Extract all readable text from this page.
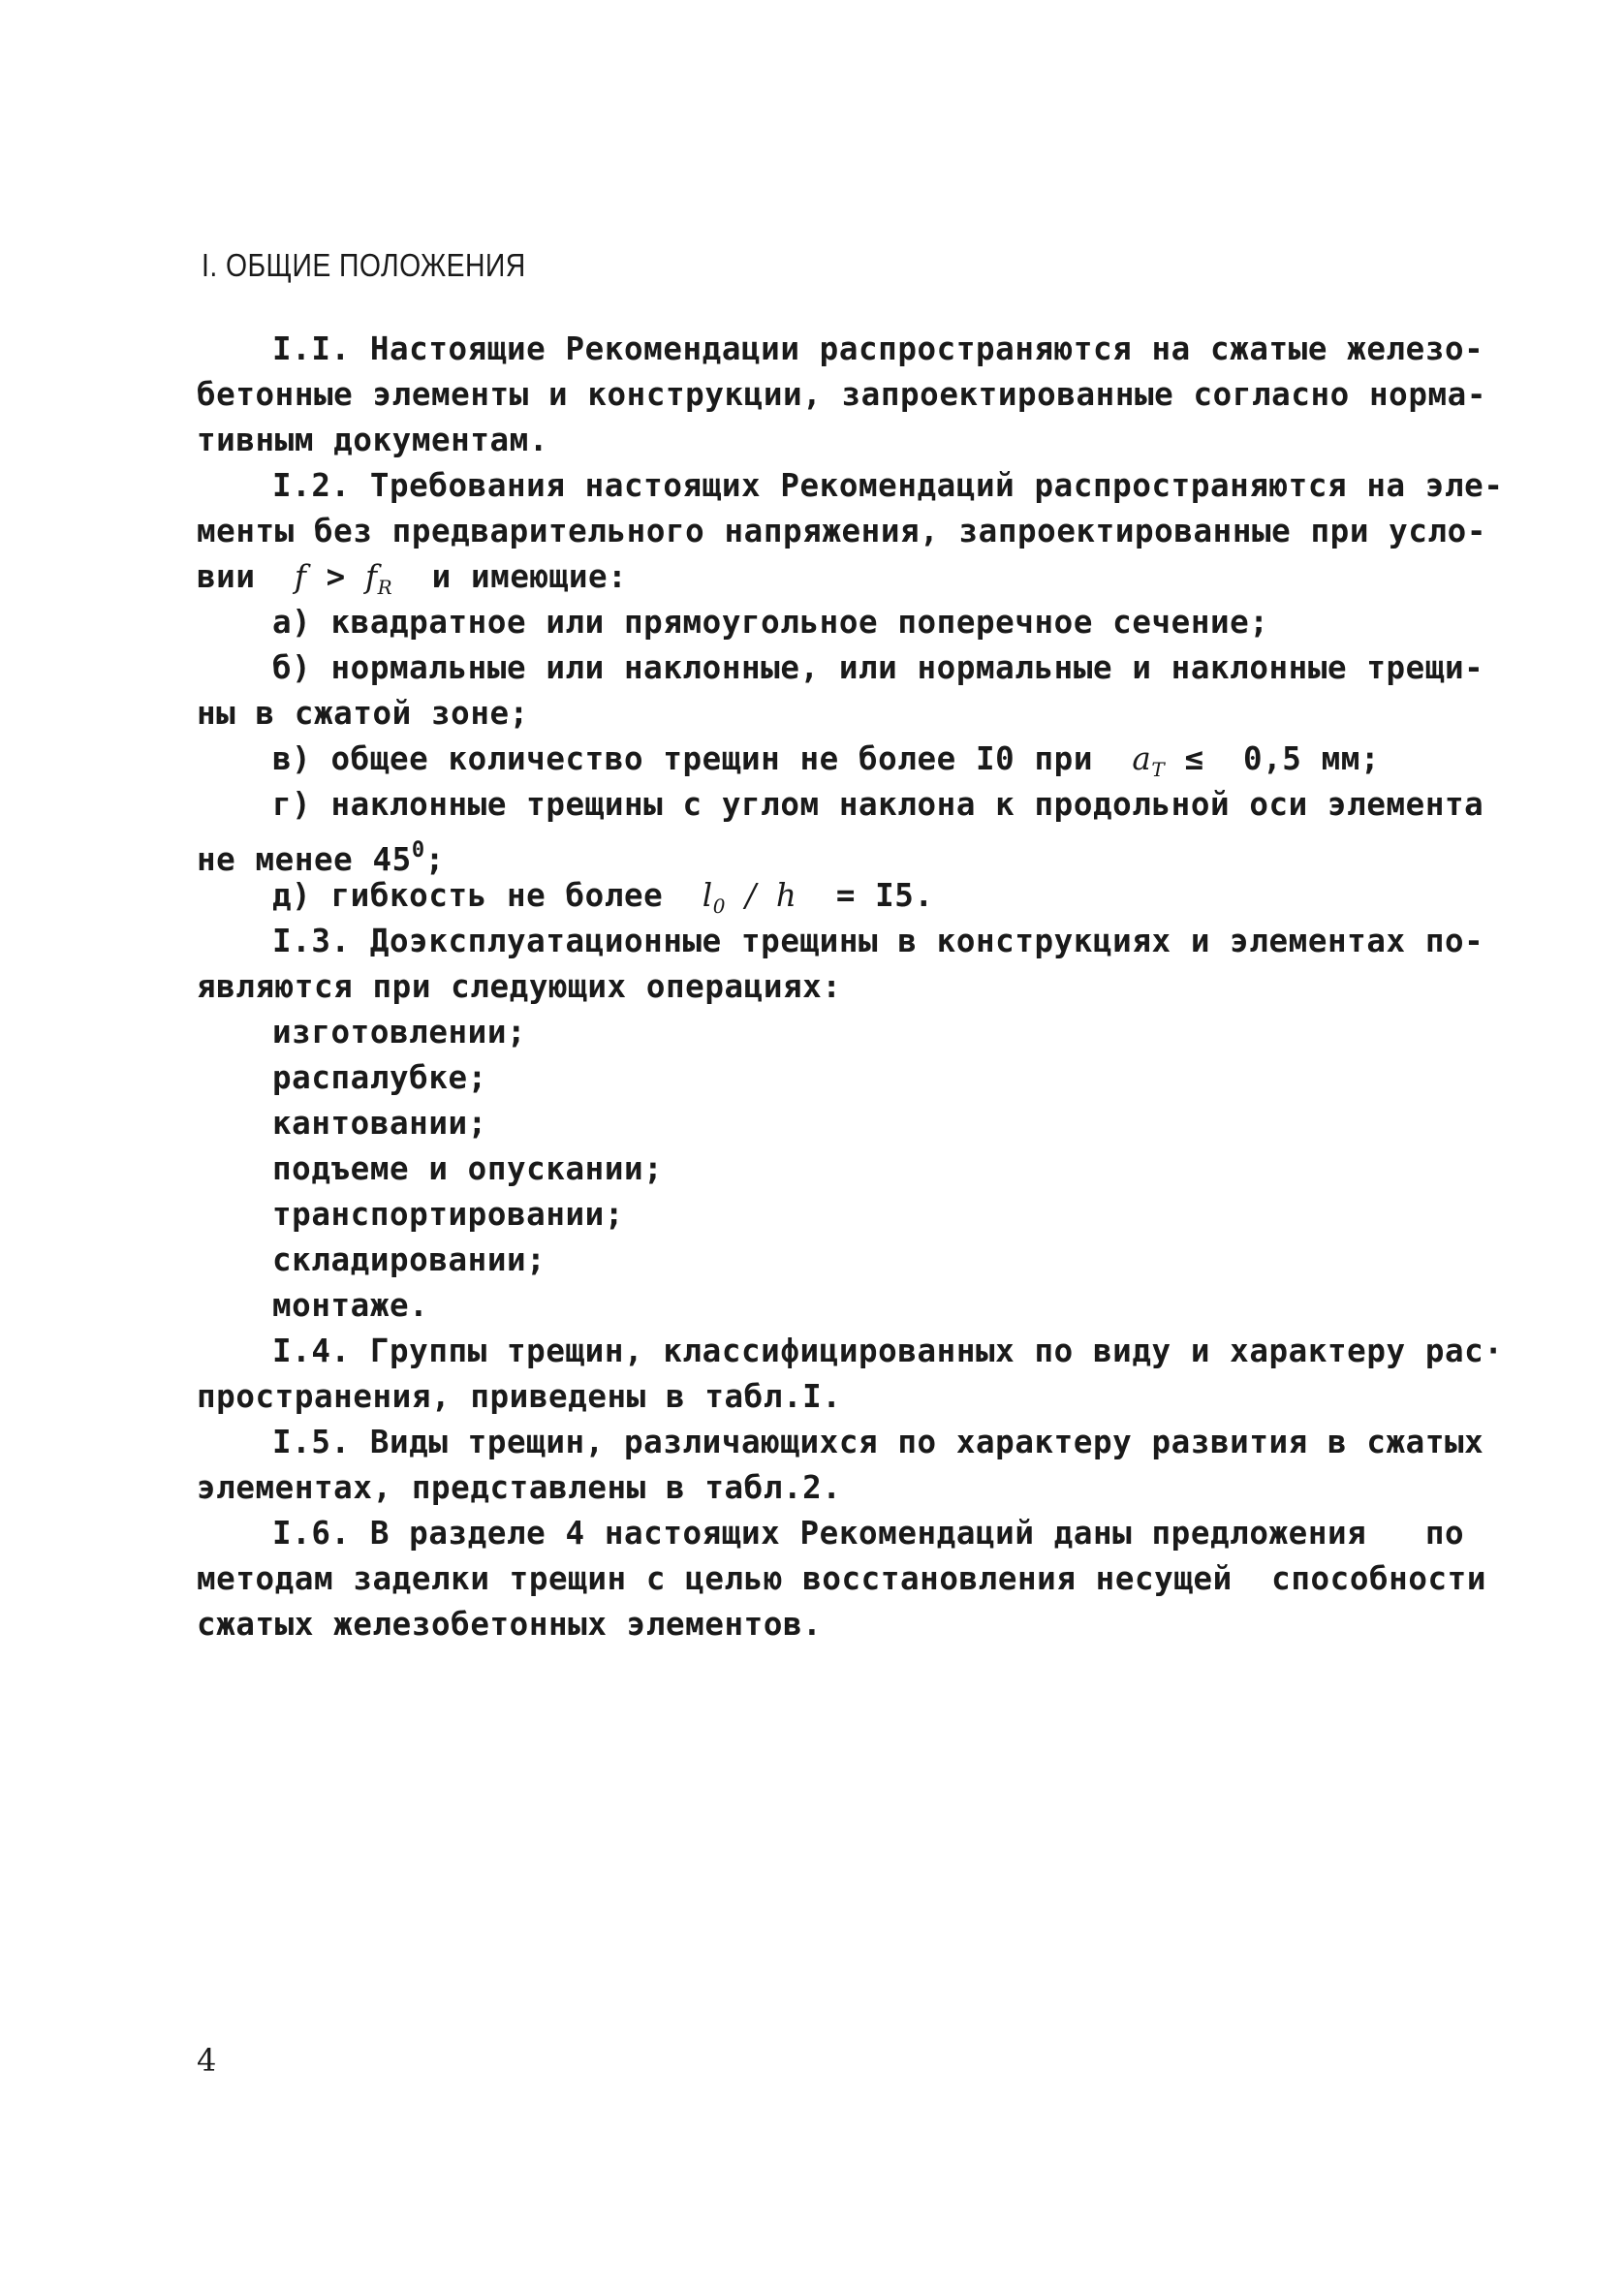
I. ОБЩИЕ ПОЛОЖЕНИЯ
I.I. Настоящие Рекомендации распространяются на сжатые железо-
бетонные элементы и конструкции, запроектированные согласно норма-
тивным документам.
I.2. Требования настоящих Рекомендаций распространяются на эле-
менты без предварительного напряжения, запроектированные при усло-
вии $f > f_R$ и имеющие:
а) квадратное или прямоугольное поперечное сечение;
б) нормальные или наклонные, или нормальные и наклонные трещи-
ны в сжатой зоне;
в) общее количество трещин не более I0 при $a_T \le 0,5$ мм;
г) наклонные трещины с углом наклона к продольной оси элемента
не менее $45^0$;
д) гибкость не более $l_0 / h = I5$.
I.3. Доэксплуатационные трещины в конструкциях и элементах по-
являются при следующих операциях:
изготовлении;
распалубке;
кантовании;
подъеме и опускании;
транспортировании;
складировании;
монтаже.
I.4. Группы трещин, классифицированных по виду и характеру рас·
пространения, приведены в табл.I.
I.5. Виды трещин, различающихся по характеру развития в сжатых
элементах, представлены в табл.2.
I.6. В разделе 4 настоящих Рекомендаций даны предложения   по
методам заделки трещин с целью восстановления несущей  способности
сжатых железобетонных элементов.
4
